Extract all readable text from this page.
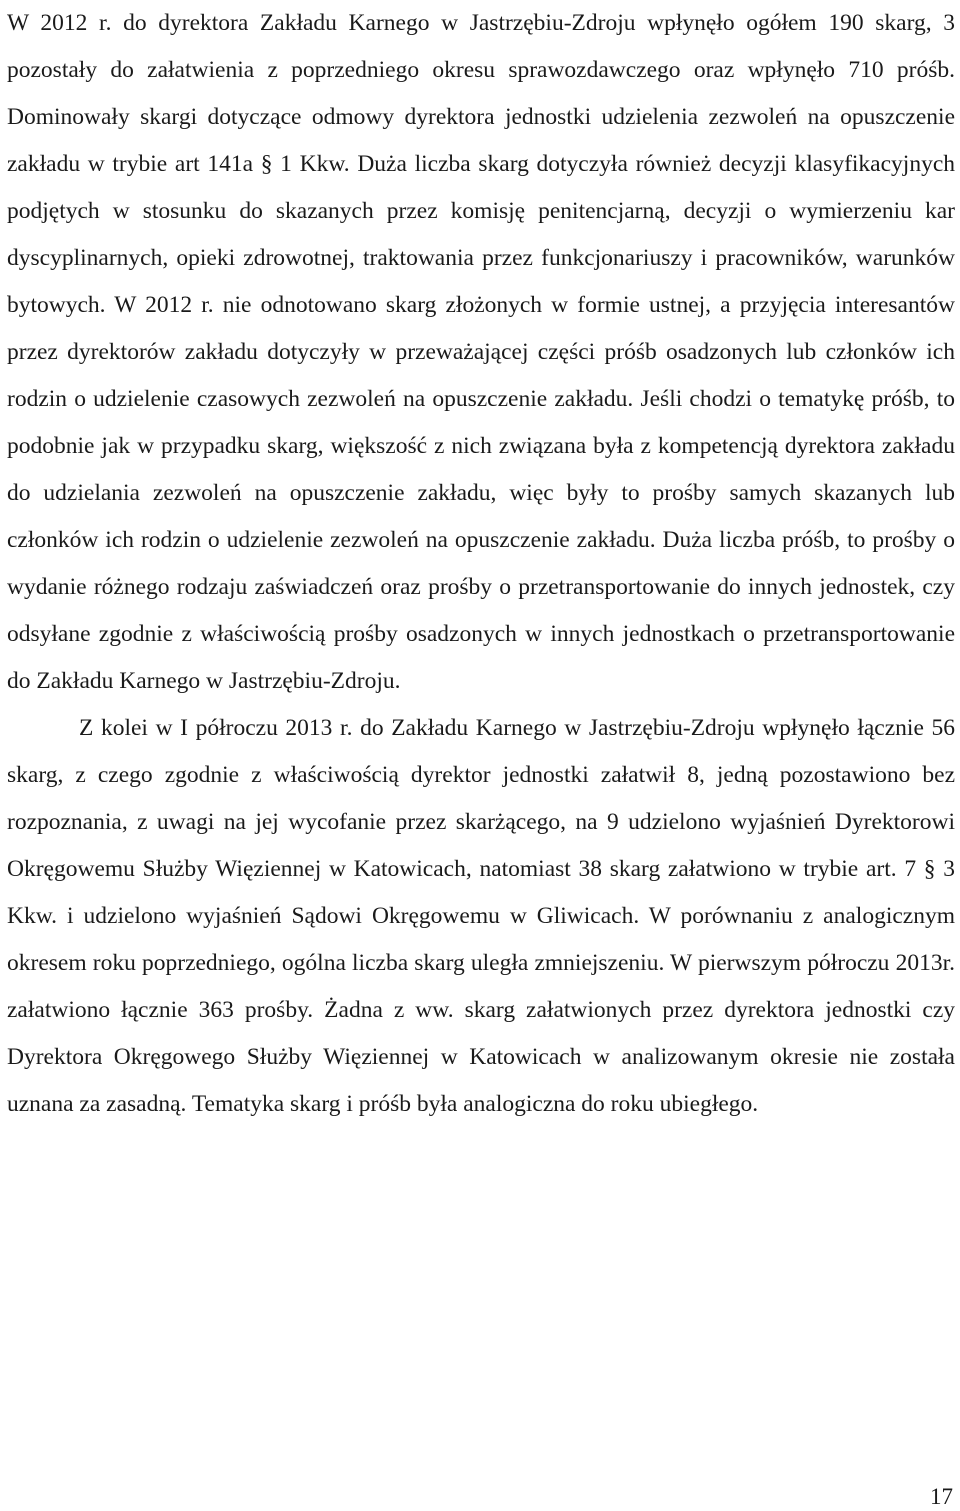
W 2012 r. do dyrektora Zakładu Karnego w Jastrzębiu-Zdroju wpłynęło ogółem 190 skarg, 3 pozostały do załatwienia z poprzedniego okresu sprawozdawczego oraz wpłynęło 710 próśb. Dominowały skargi dotyczące odmowy dyrektora jednostki udzielenia zezwoleń na opuszczenie zakładu w trybie art 141a § 1 Kkw. Duża liczba skarg dotyczyła również decyzji klasyfikacyjnych podjętych w stosunku do skazanych przez komisję penitencjarną, decyzji o wymierzeniu kar dyscyplinarnych, opieki zdrowotnej, traktowania przez funkcjonariuszy i pracowników, warunków bytowych. W 2012 r. nie odnotowano skarg złożonych w formie ustnej, a przyjęcia interesantów przez dyrektorów zakładu dotyczyły w przeważającej części próśb osadzonych lub członków ich rodzin o udzielenie czasowych zezwoleń na opuszczenie zakładu. Jeśli chodzi o tematykę próśb, to podobnie jak w przypadku skarg, większość z nich związana była z kompetencją dyrektora zakładu do udzielania zezwoleń na opuszczenie zakładu, więc były to prośby samych skazanych lub członków ich rodzin o udzielenie zezwoleń na opuszczenie zakładu. Duża liczba próśb, to prośby o wydanie różnego rodzaju zaświadczeń oraz prośby o przetransportowanie do innych jednostek, czy odsyłane zgodnie z właściwością prośby osadzonych w innych jednostkach o przetransportowanie do Zakładu Karnego w Jastrzębiu-Zdroju.

Z kolei w I półroczu 2013 r. do Zakładu Karnego w Jastrzębiu-Zdroju wpłynęło łącznie 56 skarg, z czego zgodnie z właściwością dyrektor jednostki załatwił 8, jedną pozostawiono bez rozpoznania, z uwagi na jej wycofanie przez skarżącego, na 9 udzielono wyjaśnień Dyrektorowi Okręgowemu Służby Więziennej w Katowicach, natomiast 38 skarg załatwiono w trybie art. 7 § 3 Kkw. i udzielono wyjaśnień Sądowi Okręgowemu w Gliwicach. W porównaniu z analogicznym okresem roku poprzedniego, ogólna liczba skarg uległa zmniejszeniu. W pierwszym półroczu 2013r. załatwiono łącznie 363 prośby. Żadna z ww. skarg załatwionych przez dyrektora jednostki czy Dyrektora Okręgowego Służby Więziennej w Katowicach w analizowanym okresie nie została uznana za zasadną. Tematyka skarg i próśb była analogiczna do roku ubiegłego.

17
